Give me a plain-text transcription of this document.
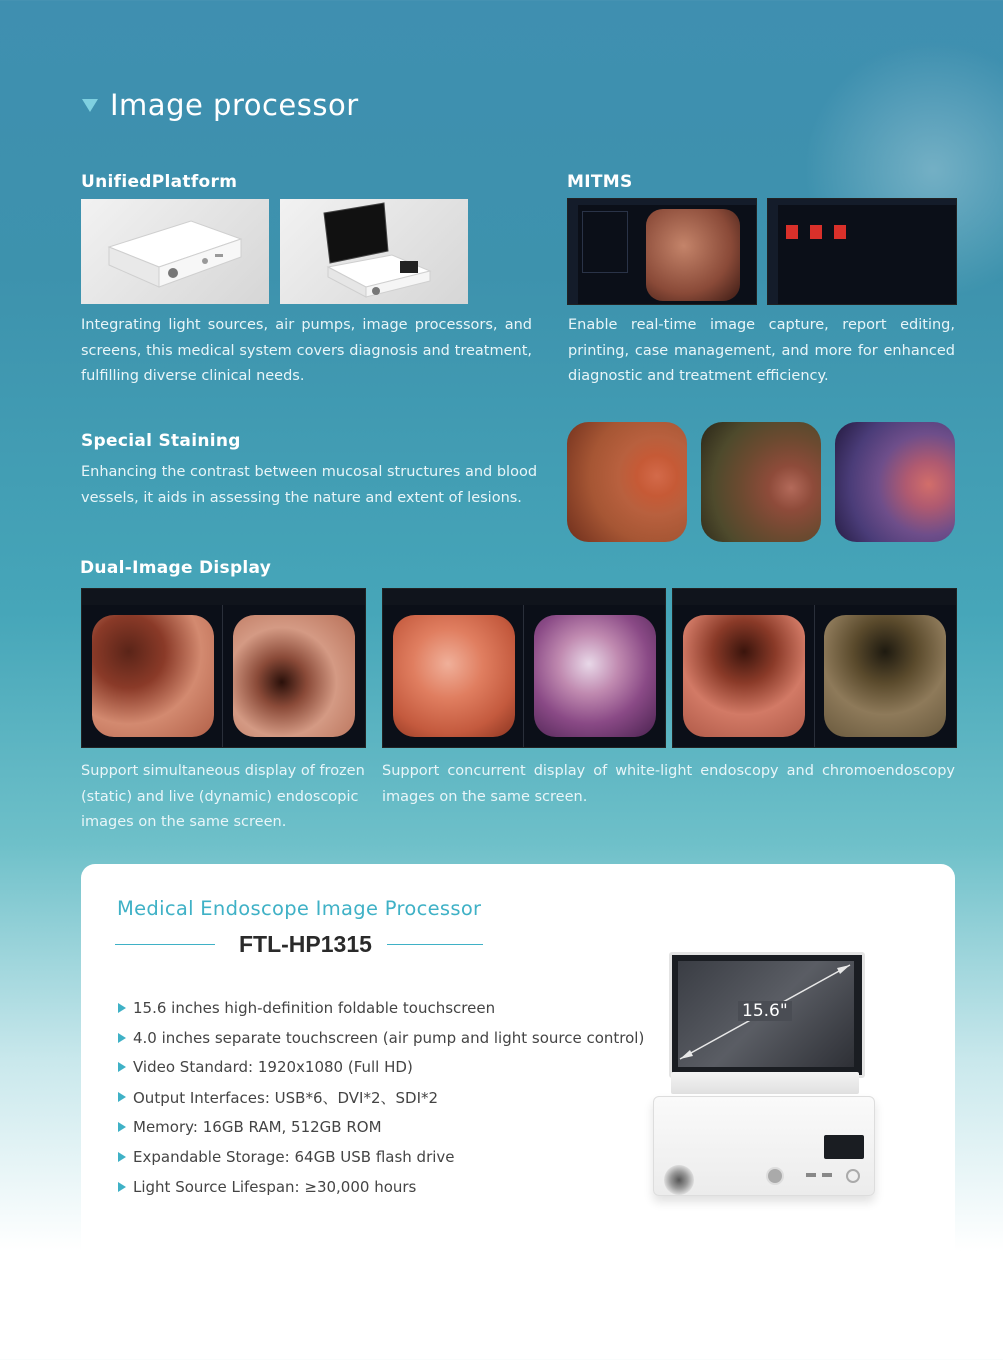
Image processor
UnifiedPlatform

Integrating light sources, air pumps, image processors, and screens, this medical system covers diagnosis and treatment, fulfilling diverse clinical needs.

MITMS

Enable real-time image capture, report editing, printing, case management, and more for enhanced diagnostic and treatment efficiency.

Special Staining

Enhancing the contrast between mucosal structures and blood vessels, it aids in assessing the nature and extent of lesions.

Dual-Image Display

Support simultaneous display of frozen (static) and live (dynamic) endoscopic images on the same screen.

Support concurrent display of white-light endoscopy and chromoendoscopy images on the same screen.

Medical Endoscope Image Processor
FTL-HP1315
15.6 inches high-definition foldable touchscreen
4.0 inches separate touchscreen (air pump and light source control)
Video Standard: 1920x1080 (Full HD)
Output Interfaces: USB*6、DVI*2、SDI*2
Memory: 16GB RAM, 512GB ROM
Expandable Storage: 64GB USB flash drive
Light Source Lifespan: ≥30,000 hours
15.6"
